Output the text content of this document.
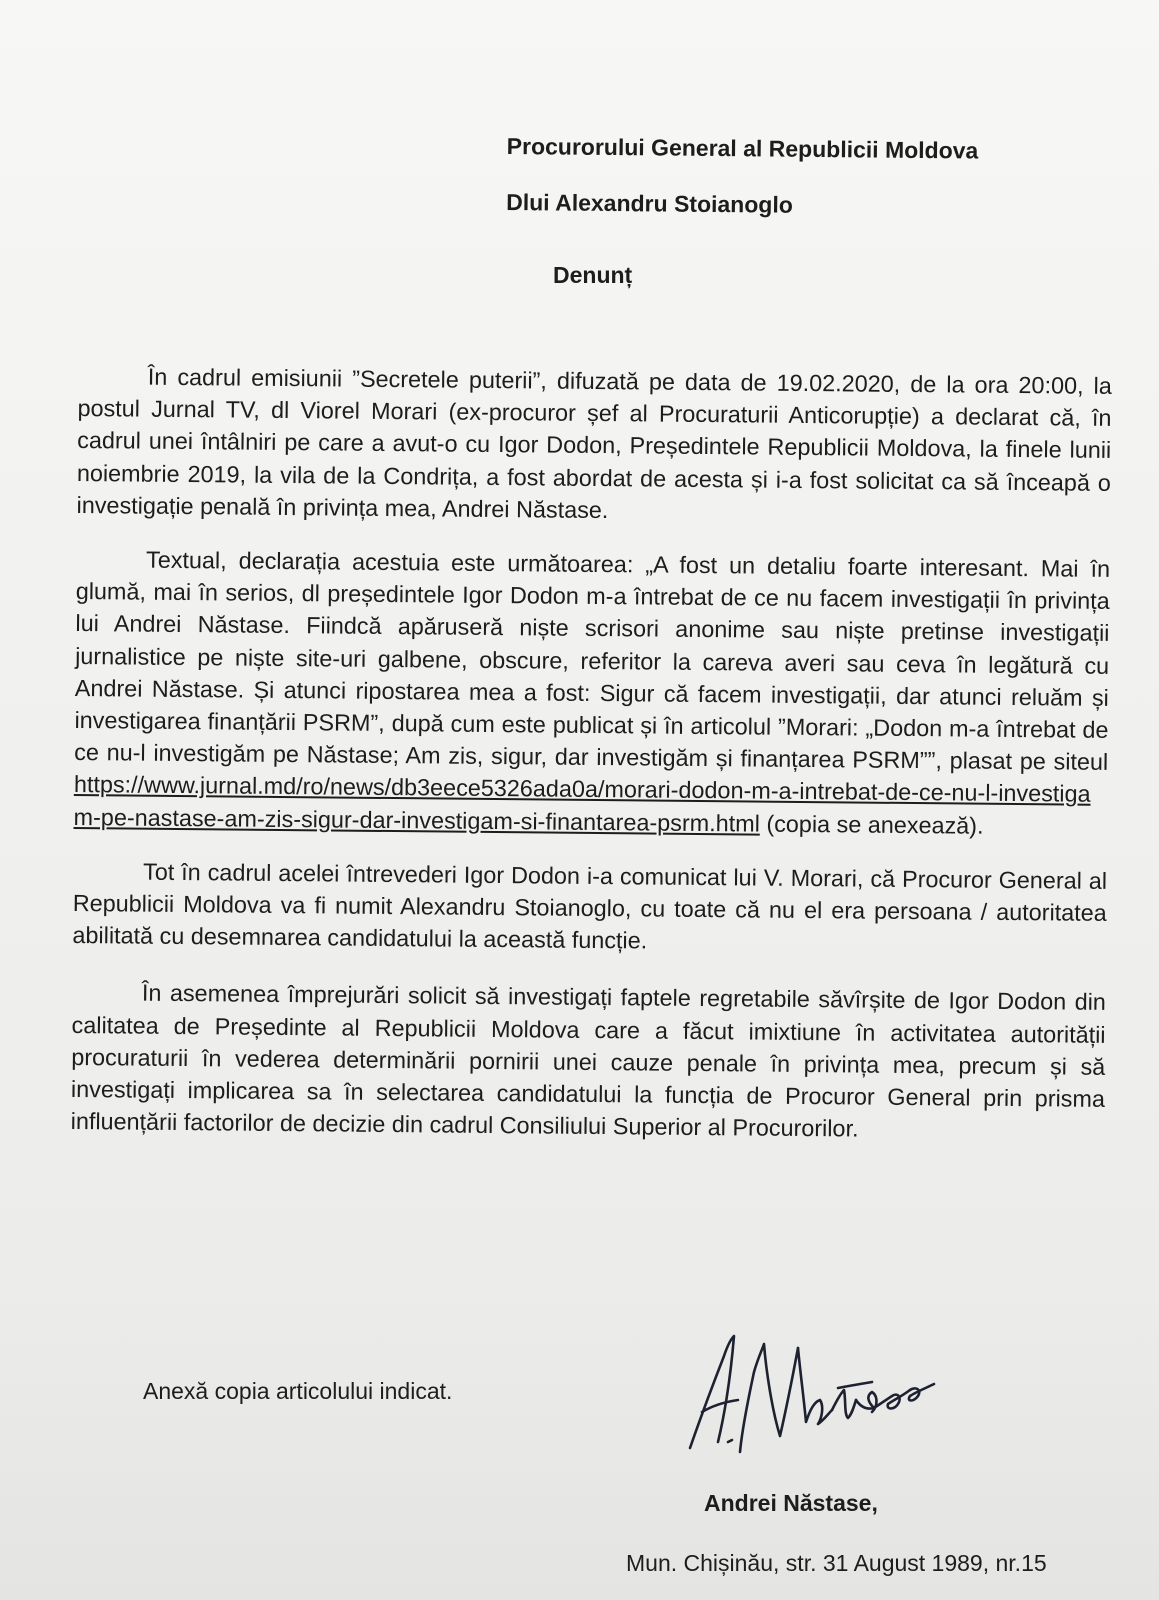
Procurorului General al Republicii Moldova
Dlui Alexandru Stoianoglo
Denunț

În cadrul emisiunii ”Secretele puterii”, difuzată pe data de 19.02.2020, de la ora 20:00, la postul Jurnal TV, dl Viorel Morari (ex-procuror șef al Procuraturii Anticorupție) a declarat că, în cadrul unei întâlniri pe care a avut-o cu Igor Dodon, Președintele Republicii Moldova, la finele lunii noiembrie 2019, la vila de la Condrița, a fost abordat de acesta și i-a fost solicitat ca să înceapă o investigație penală în privința mea, Andrei Năstase.

Textual, declarația acestuia este următoarea: „A fost un detaliu foarte interesant. Mai în glumă, mai în serios, dl președintele Igor Dodon m-a întrebat de ce nu facem investigații în privința lui Andrei Năstase. Fiindcă apăruseră niște scrisori anonime sau niște pretinse investigații jurnalistice pe niște site-uri galbene, obscure, referitor la careva averi sau ceva în legătură cu Andrei Năstase. Și atunci ripostarea mea a fost: Sigur că facem investigații, dar atunci reluăm și investigarea finanțării PSRM”, după cum este publicat și în articolul ”Morari: „Dodon m-a întrebat de ce nu-l investigăm pe Năstase; Am zis, sigur, dar investigăm și finanțarea PSRM””, plasat pe siteul https://www.jurnal.md/ro/news/db3eece5326ada0a/morari-dodon-m-a-intrebat-de-ce-nu-l-investigam-pe-nastase-am-zis-sigur-dar-investigam-si-finantarea-psrm.html (copia se anexează).

Tot în cadrul acelei întrevederi Igor Dodon i-a comunicat lui V. Morari, că Procuror General al Republicii Moldova va fi numit Alexandru Stoianoglo, cu toate că nu el era persoana / autoritatea abilitată cu desemnarea candidatului la această funcție.

În asemenea împrejurări solicit să investigați faptele regretabile săvîrșite de Igor Dodon din calitatea de Președinte al Republicii Moldova care a făcut imixtiune în activitatea autorității procuraturii în vederea determinării pornirii unei cauze penale în privința mea, precum și să investigați implicarea sa în selectarea candidatului la funcția de Procuror General prin prisma influențării factorilor de decizie din cadrul Consiliului Superior al Procurorilor.

Anexă copia articolului indicat.
Andrei Năstase,
Mun. Chișinău, str. 31 August 1989, nr.15
